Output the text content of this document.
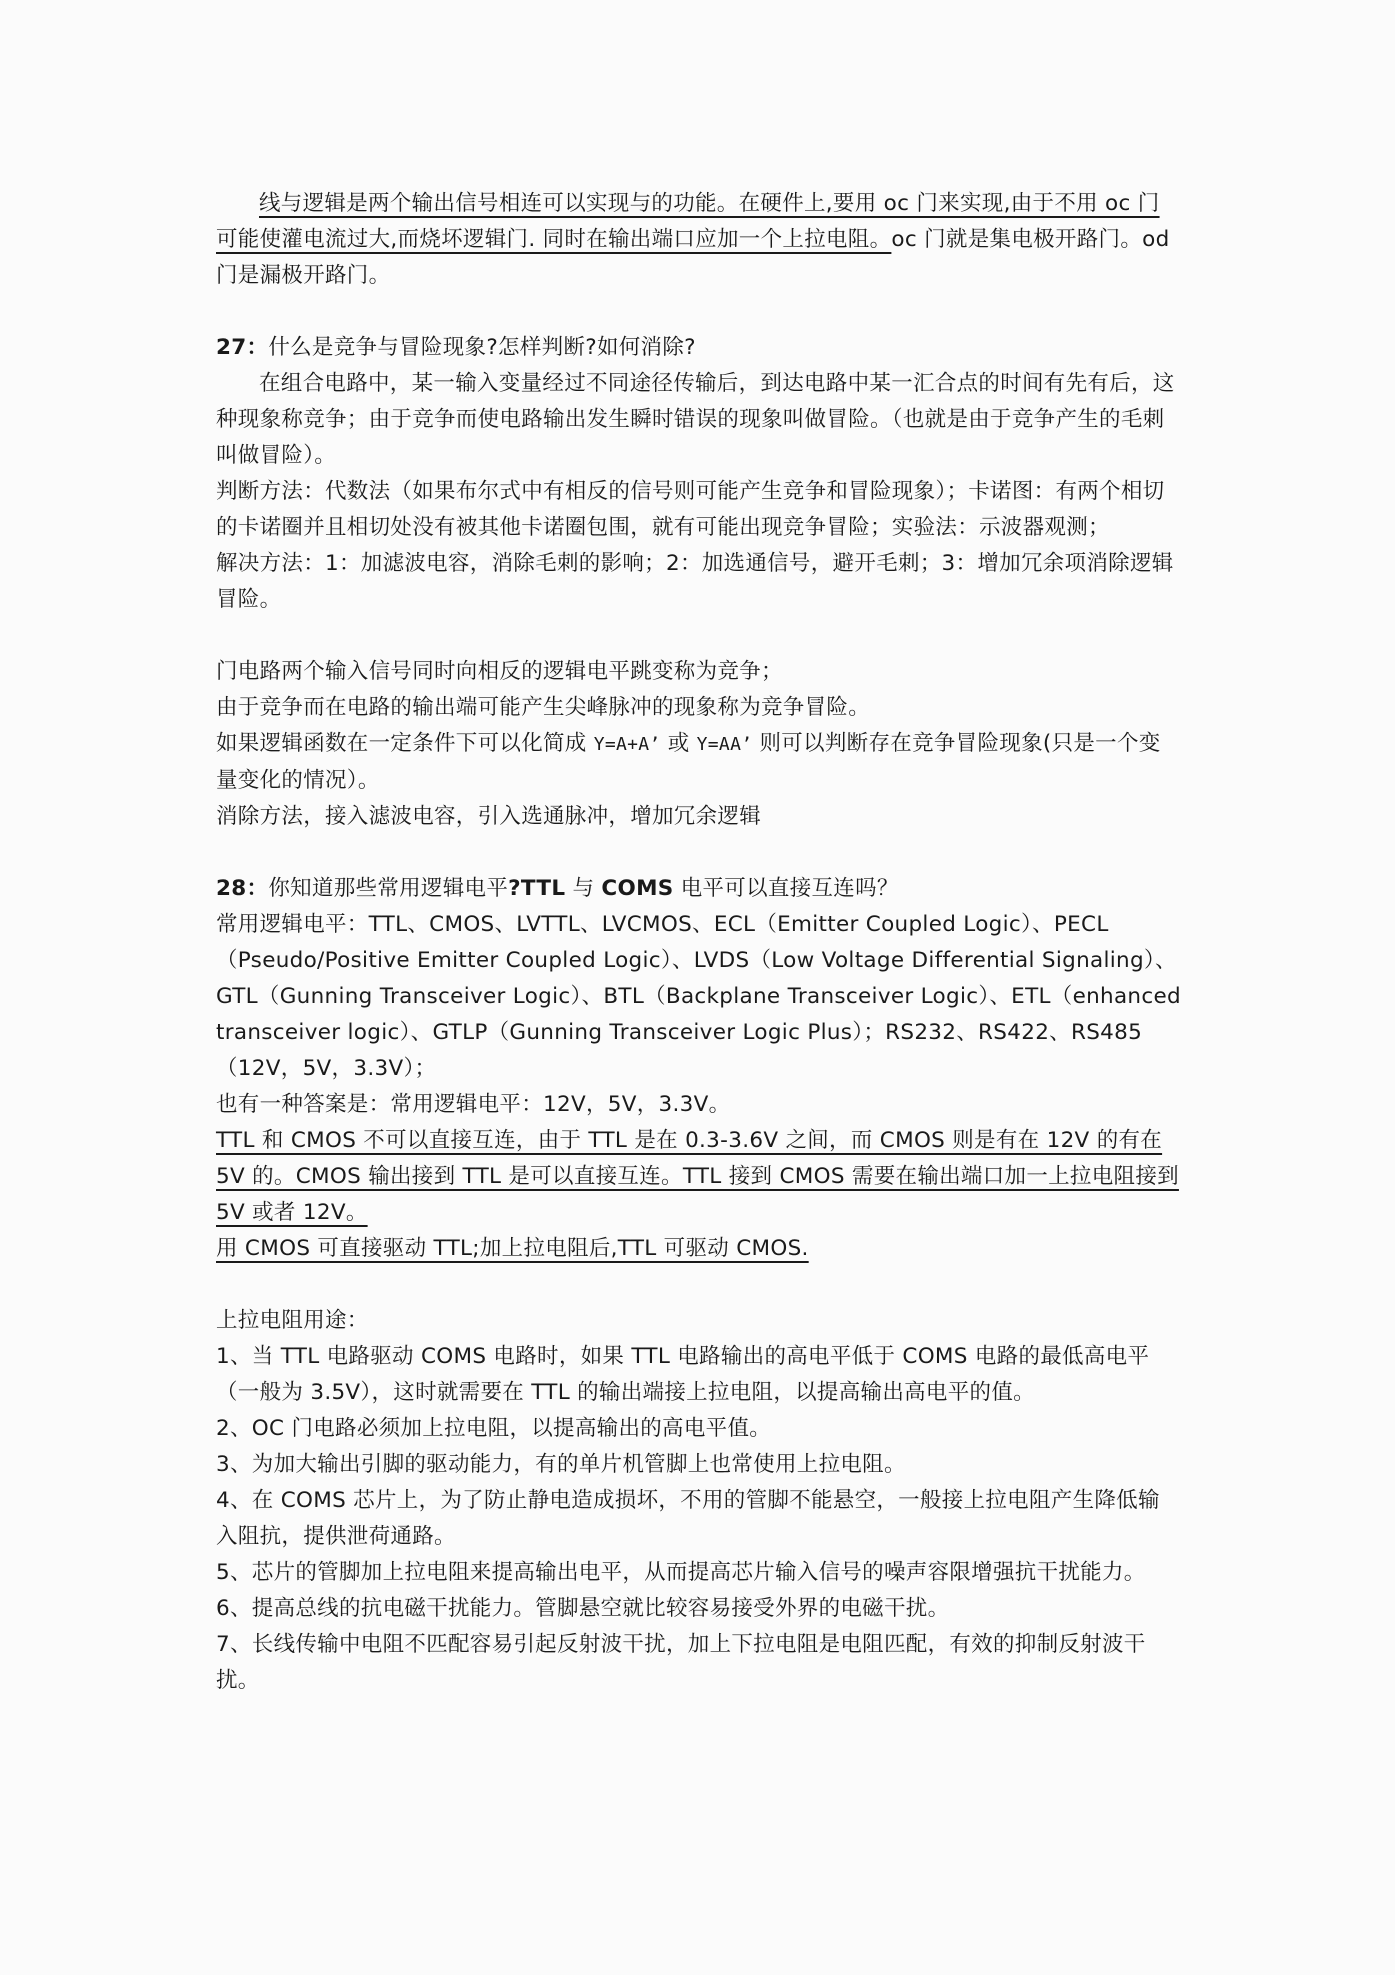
线与逻辑是两个输出信号相连可以实现与的功能。在硬件上,要用 oc 门来实现,由于不用 oc 门可能使灌电流过大,而烧坏逻辑门. 同时在输出端口应加一个上拉电阻。oc 门就是集电极开路门。od 门是漏极开路门。

27：什么是竞争与冒险现象?怎样判断?如何消除?

在组合电路中，某一输入变量经过不同途径传输后，到达电路中某一汇合点的时间有先有后，这种现象称竞争；由于竞争而使电路输出发生瞬时错误的现象叫做冒险。（也就是由于竞争产生的毛刺叫做冒险）。

判断方法：代数法（如果布尔式中有相反的信号则可能产生竞争和冒险现象）；卡诺图：有两个相切的卡诺圈并且相切处没有被其他卡诺圈包围，就有可能出现竞争冒险；实验法：示波器观测；

解决方法：1：加滤波电容，消除毛刺的影响；2：加选通信号，避开毛刺；3：增加冗余项消除逻辑冒险。

门电路两个输入信号同时向相反的逻辑电平跳变称为竞争；

由于竞争而在电路的输出端可能产生尖峰脉冲的现象称为竞争冒险。

如果逻辑函数在一定条件下可以化简成 Y=A+A’ 或 Y=AA’ 则可以判断存在竞争冒险现象(只是一个变量变化的情况）。

消除方法，接入滤波电容，引入选通脉冲，增加冗余逻辑

28：你知道那些常用逻辑电平?TTL 与 COMS 电平可以直接互连吗？

常用逻辑电平：TTL、CMOS、LVTTL、LVCMOS、ECL（Emitter Coupled Logic）、PECL（Pseudo/Positive Emitter Coupled Logic）、LVDS（Low Voltage Differential Signaling）、GTL（Gunning Transceiver Logic）、BTL（Backplane Transceiver Logic）、ETL（enhanced transceiver logic）、GTLP（Gunning Transceiver Logic Plus）；RS232、RS422、RS485（12V，5V，3.3V）；

也有一种答案是：常用逻辑电平：12V，5V，3.3V。

TTL 和 CMOS 不可以直接互连，由于 TTL 是在 0.3-3.6V 之间，而 CMOS 则是有在 12V 的有在 5V 的。CMOS 输出接到 TTL 是可以直接互连。TTL 接到 CMOS 需要在输出端口加一上拉电阻接到 5V 或者 12V。

用 CMOS 可直接驱动 TTL;加上拉电阻后,TTL 可驱动 CMOS.

上拉电阻用途：

1、当 TTL 电路驱动 COMS 电路时，如果 TTL 电路输出的高电平低于 COMS 电路的最低高电平（一般为 3.5V），这时就需要在 TTL 的输出端接上拉电阻，以提高输出高电平的值。

2、OC 门电路必须加上拉电阻，以提高输出的高电平值。

3、为加大输出引脚的驱动能力，有的单片机管脚上也常使用上拉电阻。

4、在 COMS 芯片上，为了防止静电造成损坏，不用的管脚不能悬空，一般接上拉电阻产生降低输入阻抗，提供泄荷通路。

5、芯片的管脚加上拉电阻来提高输出电平，从而提高芯片输入信号的噪声容限增强抗干扰能力。

6、提高总线的抗电磁干扰能力。管脚悬空就比较容易接受外界的电磁干扰。

7、长线传输中电阻不匹配容易引起反射波干扰，加上下拉电阻是电阻匹配，有效的抑制反射波干扰。
